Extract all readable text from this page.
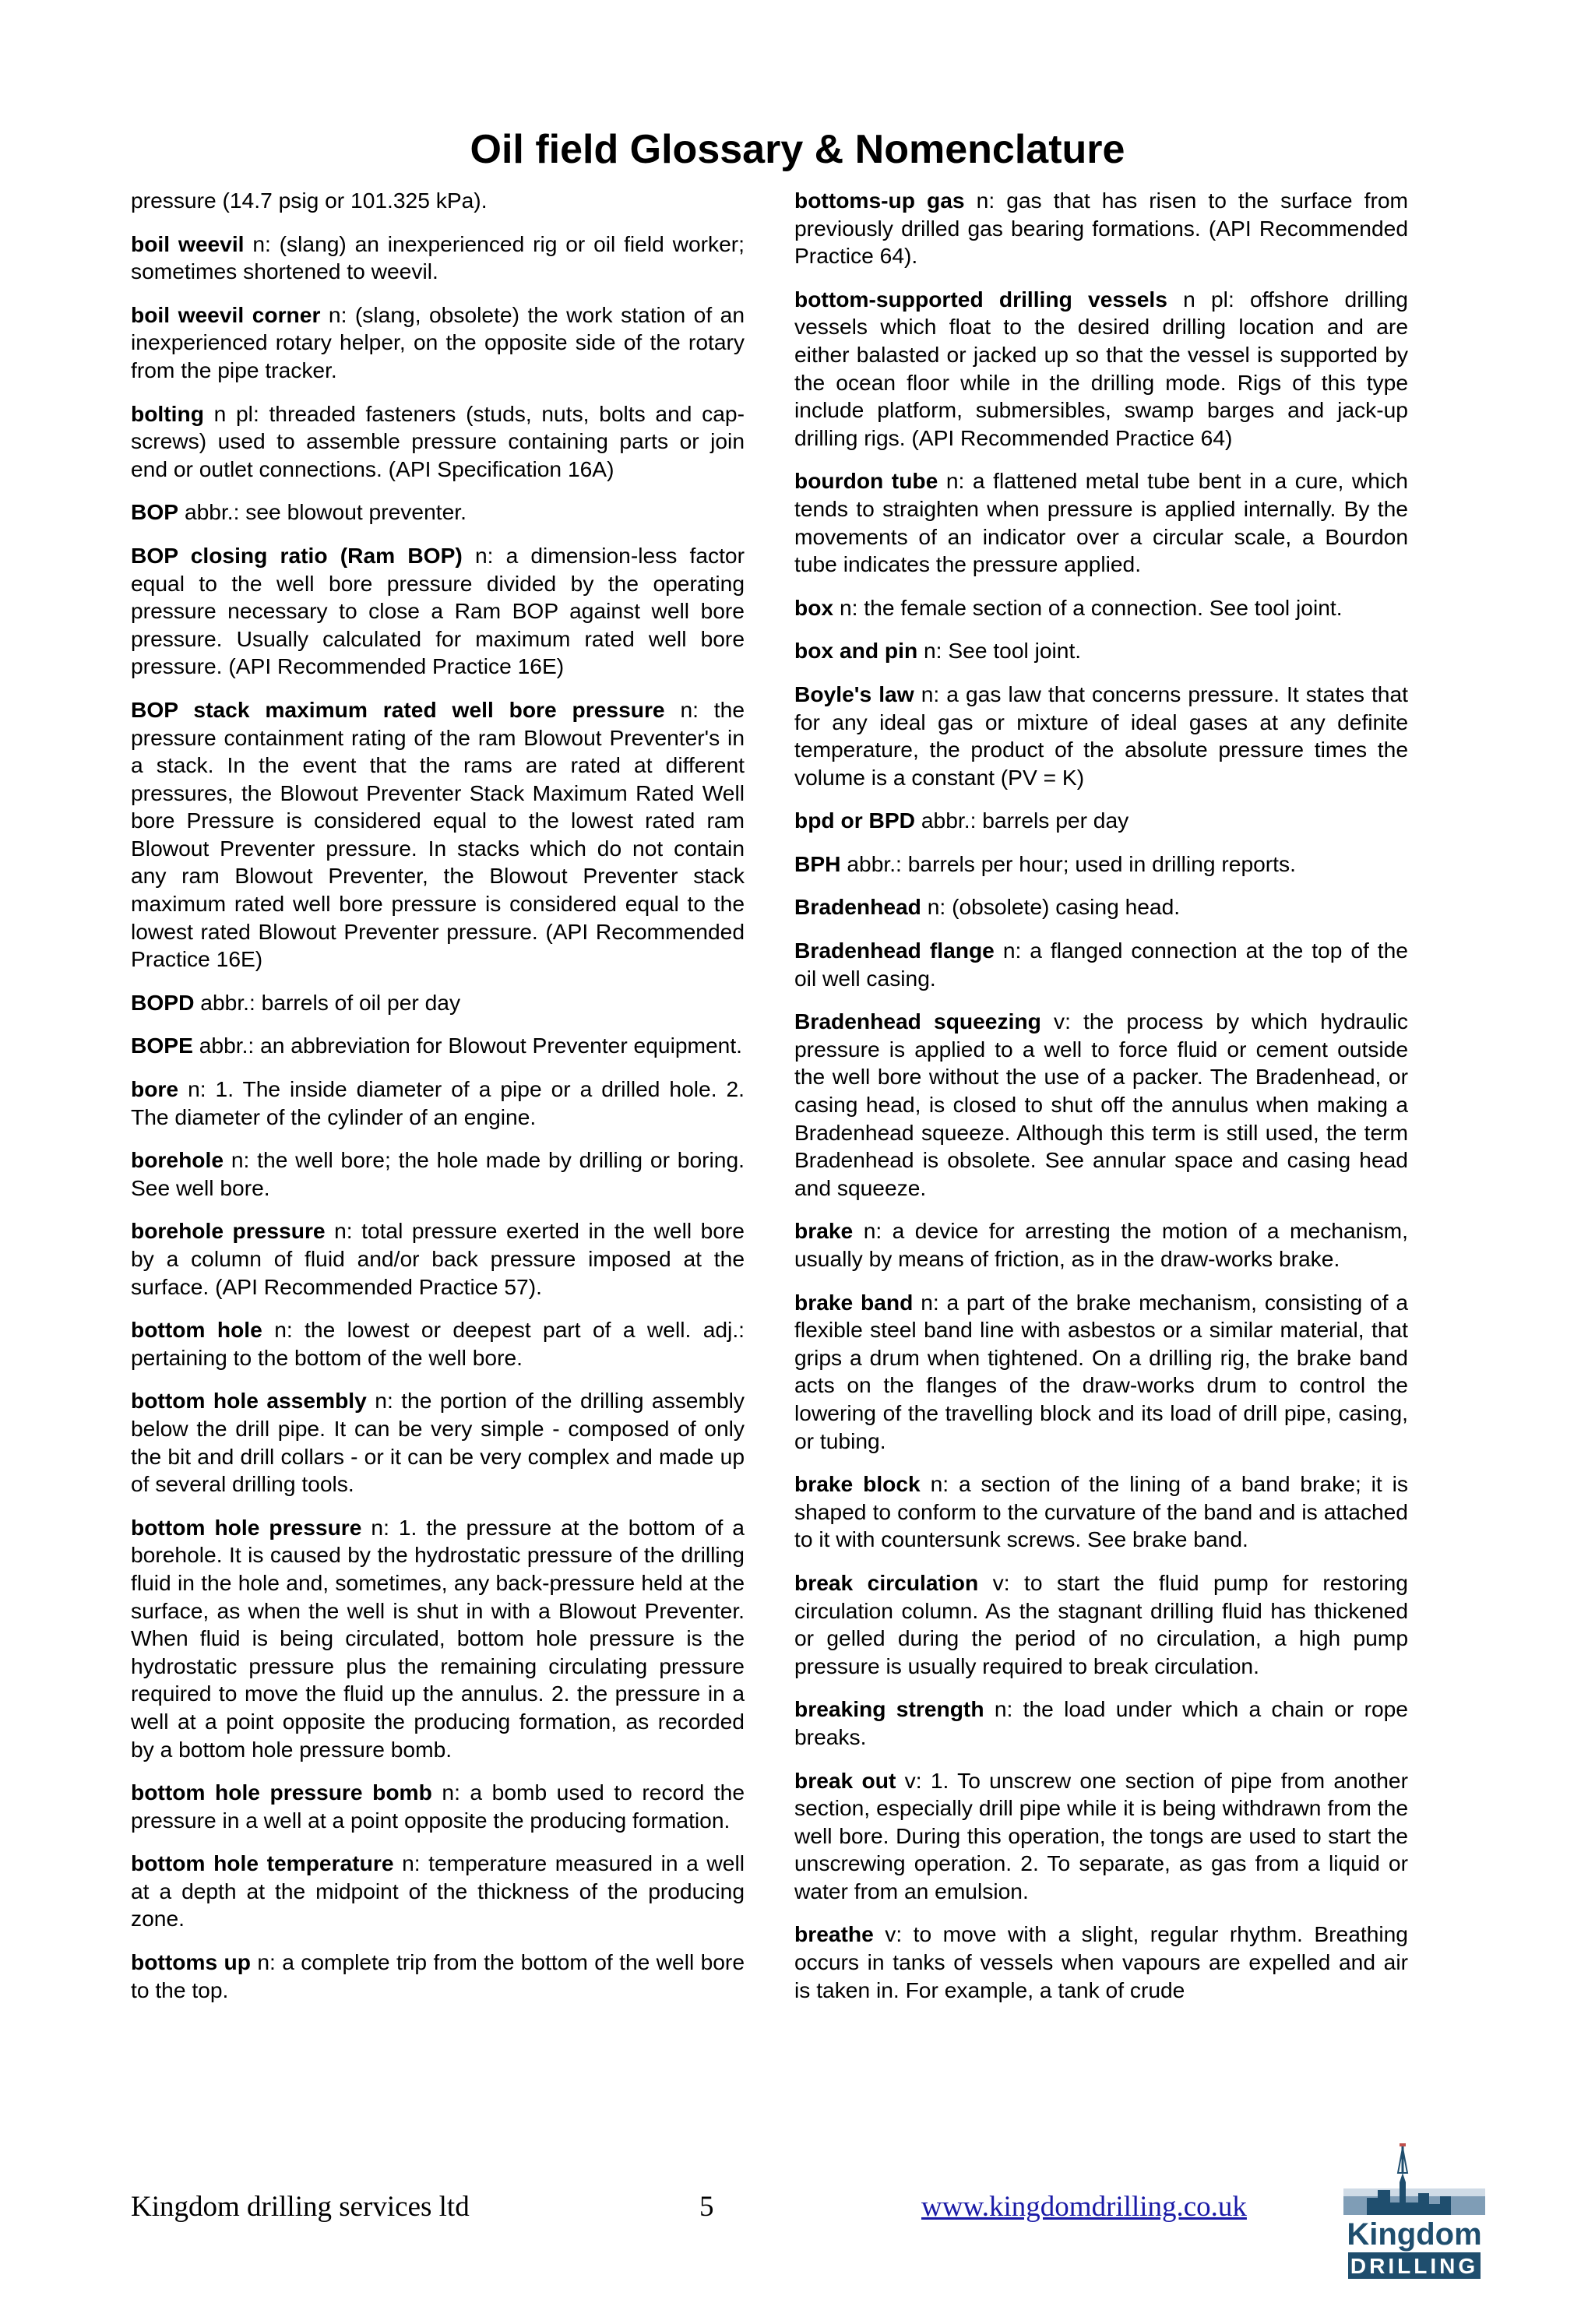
Oil field Glossary & Nomenclature

pressure (14.7 psig or 101.325 kPa).

boil weevil n: (slang) an inexperienced rig or oil field worker; sometimes shortened to weevil.

boil weevil corner n: (slang, obsolete) the work station of an inexperienced rotary helper, on the opposite side of the rotary from the pipe tracker.

bolting n pl: threaded fasteners (studs, nuts, bolts and cap-screws) used to assemble pressure containing parts or join end or outlet connections. (API Specification 16A)

BOP abbr.: see blowout preventer.

BOP closing ratio (Ram BOP) n: a dimension-less factor equal to the well bore pressure divided by the operating pressure necessary to close a Ram BOP against well bore pressure. Usually calculated for maximum rated well bore pressure. (API Recommended Practice 16E)

BOP stack maximum rated well bore pressure n: the pressure containment rating of the ram Blowout Preventer's in a stack. In the event that the rams are rated at different pressures, the Blowout Preventer Stack Maximum Rated Well bore Pressure is considered equal to the lowest rated ram Blowout Preventer pressure. In stacks which do not contain any ram Blowout Preventer, the Blowout Preventer stack maximum rated well bore pressure is considered equal to the lowest rated Blowout Preventer pressure. (API Recommended Practice 16E)

BOPD abbr.: barrels of oil per day

BOPE abbr.: an abbreviation for Blowout Preventer equipment.

bore n: 1. The inside diameter of a pipe or a drilled hole. 2. The diameter of the cylinder of an engine.

borehole n: the well bore; the hole made by drilling or boring. See well bore.

borehole pressure n: total pressure exerted in the well bore by a column of fluid and/or back pressure imposed at the surface. (API Recommended Practice 57).

bottom hole n: the lowest or deepest part of a well. adj.: pertaining to the bottom of the well bore.

bottom hole assembly n: the portion of the drilling assembly below the drill pipe. It can be very simple - composed of only the bit and drill collars - or it can be very complex and made up of several drilling tools.

bottom hole pressure n: 1. the pressure at the bottom of a borehole. It is caused by the hydrostatic pressure of the drilling fluid in the hole and, sometimes, any back-pressure held at the surface, as when the well is shut in with a Blowout Preventer. When fluid is being circulated, bottom hole pressure is the hydrostatic pressure plus the remaining circulating pressure required to move the fluid up the annulus. 2. the pressure in a well at a point opposite the producing formation, as recorded by a bottom hole pressure bomb.

bottom hole pressure bomb n: a bomb used to record the pressure in a well at a point opposite the producing formation.

bottom hole temperature n: temperature measured in a well at a depth at the midpoint of the thickness of the producing zone.

bottoms up n: a complete trip from the bottom of the well bore to the top.

bottoms-up gas n: gas that has risen to the surface from previously drilled gas bearing formations. (API Recommended Practice 64).

bottom-supported drilling vessels n pl: offshore drilling vessels which float to the desired drilling location and are either balasted or jacked up so that the vessel is supported by the ocean floor while in the drilling mode. Rigs of this type include platform, submersibles, swamp barges and jack-up drilling rigs. (API Recommended Practice 64)

bourdon tube n: a flattened metal tube bent in a cure, which tends to straighten when pressure is applied internally. By the movements of an indicator over a circular scale, a Bourdon tube indicates the pressure applied.

box n: the female section of a connection. See tool joint.

box and pin n: See tool joint.

Boyle's law n: a gas law that concerns pressure. It states that for any ideal gas or mixture of ideal gases at any definite temperature, the product of the absolute pressure times the volume is a constant (PV = K)

bpd or BPD abbr.: barrels per day

BPH abbr.: barrels per hour; used in drilling reports.

Bradenhead n: (obsolete) casing head.

Bradenhead flange n: a flanged connection at the top of the oil well casing.

Bradenhead squeezing v: the process by which hydraulic pressure is applied to a well to force fluid or cement outside the well bore without the use of a packer. The Bradenhead, or casing head, is closed to shut off the annulus when making a Bradenhead squeeze. Although this term is still used, the term Bradenhead is obsolete. See annular space and casing head and squeeze.

brake n: a device for arresting the motion of a mechanism, usually by means of friction, as in the draw-works brake.

brake band n: a part of the brake mechanism, consisting of a flexible steel band line with asbestos or a similar material, that grips a drum when tightened. On a drilling rig, the brake band acts on the flanges of the draw-works drum to control the lowering of the travelling block and its load of drill pipe, casing, or tubing.

brake block n: a section of the lining of a band brake; it is shaped to conform to the curvature of the band and is attached to it with countersunk screws. See brake band.

break circulation v: to start the fluid pump for restoring circulation column. As the stagnant drilling fluid has thickened or gelled during the period of no circulation, a high pump pressure is usually required to break circulation.

breaking strength n: the load under which a chain or rope breaks.

break out v: 1. To unscrew one section of pipe from another section, especially drill pipe while it is being withdrawn from the well bore. During this operation, the tongs are used to start the unscrewing operation. 2. To separate, as gas from a liquid or water from an emulsion.

breathe v: to move with a slight, regular rhythm. Breathing occurs in tanks of vessels when vapours are expelled and air is taken in. For example, a tank of crude

Kingdom drilling services ltd	5	www.kingdomdrilling.co.uk
Kingdom
DRILLING
